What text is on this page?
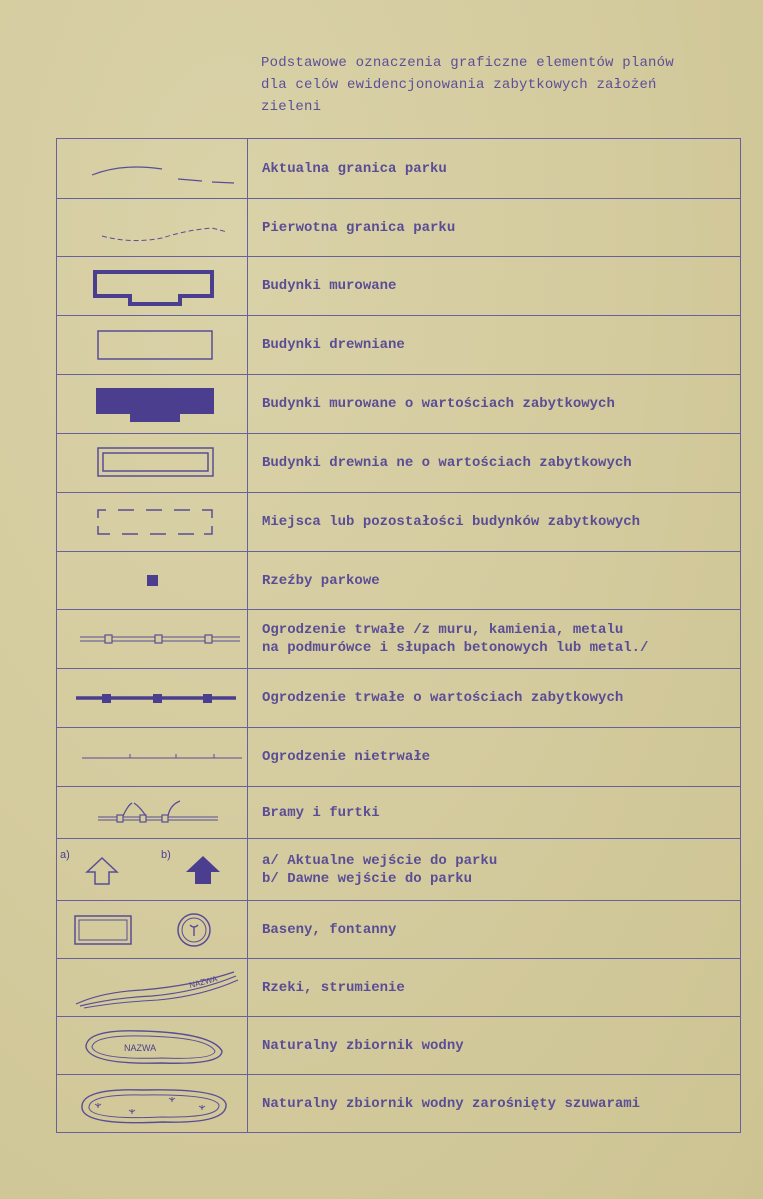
Podstawowe oznaczenia graficzne elementów planów
dla celów ewidencjonowania zabytkowych założeń
zieleni
	Aktualna granica parku

	Pierwotna granica parku

	Budynki murowane

	Budynki drewniane

	Budynki murowane o wartościach zabytkowych

	Budynki drewnia ne o wartościach zabytkowych

	Miejsca lub pozostałości budynków zabytkowych

	Rzeźby parkowe

	Ogrodzenie trwałe /z muru, kamienia, metalu
na podmurówce i słupach betonowych lub metal./

	Ogrodzenie trwałe o wartościach zabytkowych

	Ogrodzenie nietrwałe

	Bramy i furtki

a) b)	a/ Aktualne wejście do parku
b/ Dawne wejście do parku

	Baseny, fontanny

NAZWA	Rzeki, strumienie

NAZWA	Naturalny zbiornik wodny

	Naturalny zbiornik wodny zarośnięty szuwarami
